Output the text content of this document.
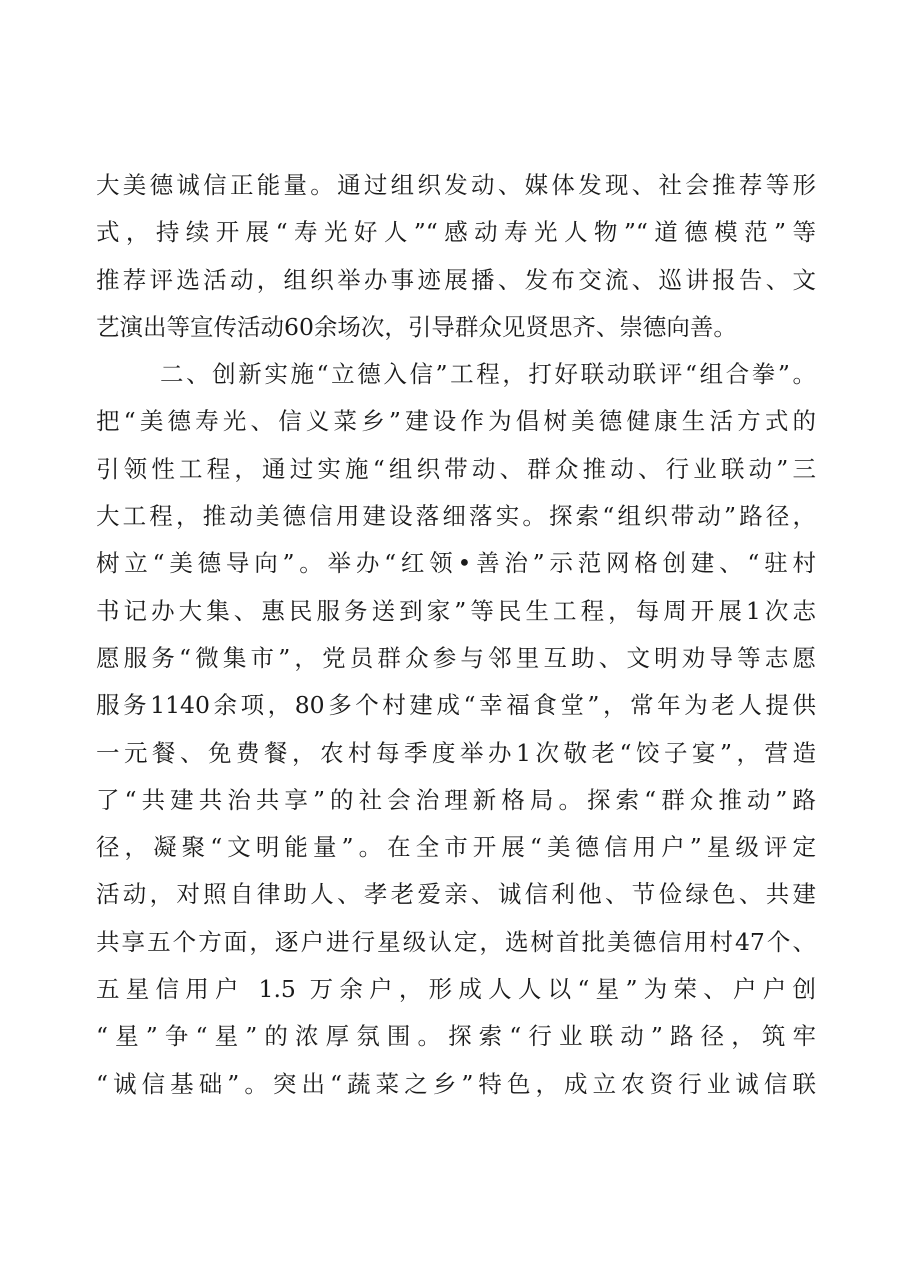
大美德诚信正能量。通过组织发动、媒体发现、社会推荐等形
式，持续开展“寿光好人”“感动寿光人物”“道德模范”等
推荐评选活动，组织举办事迹展播、发布交流、巡讲报告、文
艺演出等宣传活动60余场次，引导群众见贤思齐、崇德向善。
二、创新实施“立德入信”工程，打好联动联评“组合拳”。
把“美德寿光、信义菜乡”建设作为倡树美德健康生活方式的
引领性工程，通过实施“组织带动、群众推动、行业联动”三
大工程，推动美德信用建设落细落实。探索“组织带动”路径，
树立“美德导向”。举办“红领•善治”示范网格创建、“驻村
书记办大集、惠民服务送到家”等民生工程，每周开展1次志
愿服务“微集市”，党员群众参与邻里互助、文明劝导等志愿
服务1140余项，80多个村建成“幸福食堂”，常年为老人提供
一元餐、免费餐，农村每季度举办1次敬老“饺子宴”，营造
了“共建共治共享”的社会治理新格局。探索“群众推动”路
径，凝聚“文明能量”。在全市开展“美德信用户”星级评定
活动，对照自律助人、孝老爱亲、诚信利他、节俭绿色、共建
共享五个方面，逐户进行星级认定，选树首批美德信用村47个、
五星信用户 1.5 万余户，形成人人以“星”为荣、户户创
“星”争“星”的浓厚氛围。探索“行业联动”路径，筑牢
“诚信基础”。突出“蔬菜之乡”特色，成立农资行业诚信联
